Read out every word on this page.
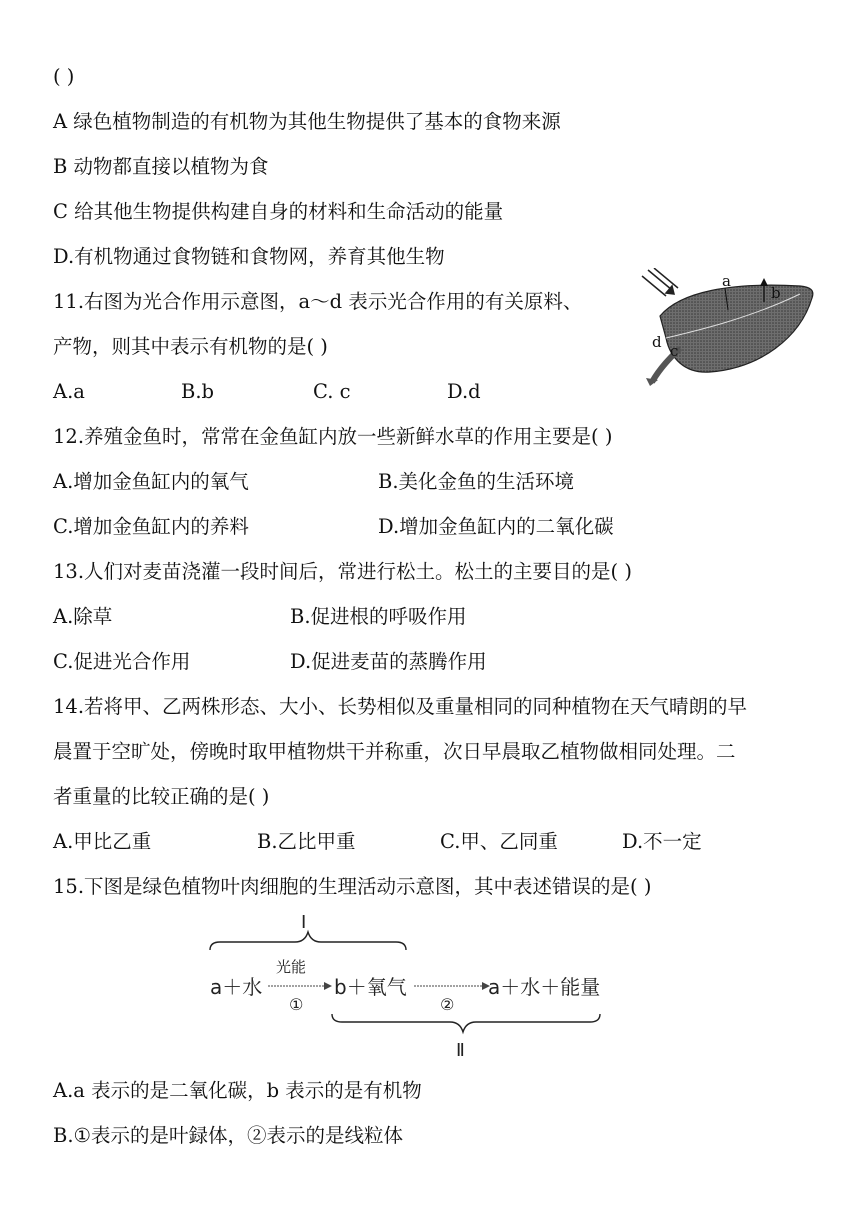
( )
A 绿色植物制造的有机物为其他生物提供了基本的食物来源
B 动物都直接以植物为食
C 给其他生物提供构建自身的材料和生命活动的能量
D.有机物通过食物链和食物网，养育其他生物
11.右图为光合作用示意图，a～d 表示光合作用的有关原料、
产物，则其中表示有机物的是( )
A.a	B.b	C. c	D.d
a
b
c
d
12.养殖金鱼时，常常在金鱼缸内放一些新鲜水草的作用主要是( )
A.增加金鱼缸内的氧气	B.美化金鱼的生活环境
C.增加金鱼缸内的养料	D.增加金鱼缸内的二氧化碳
13.人们对麦苗浇灌一段时间后，常进行松土。松土的主要目的是( )
A.除草	B.促进根的呼吸作用
C.促进光合作用	D.促进麦苗的蒸腾作用
14.若将甲、乙两株形态、大小、长势相似及重量相同的同种植物在天气晴朗的早
晨置于空旷处，傍晚时取甲植物烘干并称重，次日早晨取乙植物做相同处理。二
者重量的比较正确的是( )
A.甲比乙重	B.乙比甲重	C.甲、乙同重	D.不一定
15.下图是绿色植物叶肉细胞的生理活动示意图，其中表述错误的是( )
I
a＋水
光能
①
b＋氧气
②
a＋水＋能量
Ⅱ
A.a 表示的是二氧化碳，b 表示的是有机物
B.①表示的是叶録体，②表示的是线粒体
